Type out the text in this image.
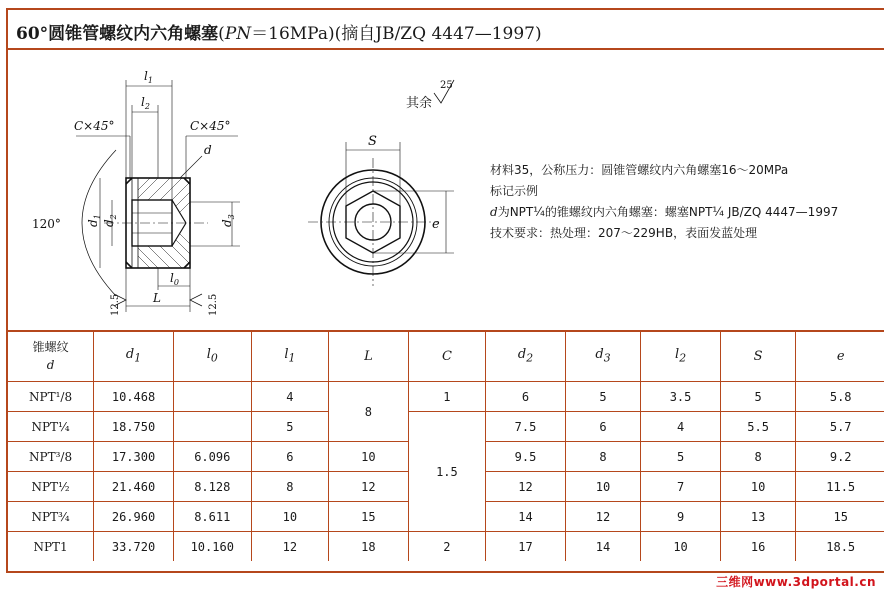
60°圆锥管螺纹内六角螺塞(PN＝16MPa)(摘自JB/ZQ 4447—1997)
$l_1$
$l_2$
C×45°	C×45°
d
120° $d_1$
$d_2$
$d_3$
$l_0$
L
12.5	12.5
S
e
25
其余
材料35，公称压力：圆锥管螺纹内六角螺塞16～20MPa
标记示例
d为NPT¼的锥螺纹内六角螺塞：螺塞NPT¼ JB/ZQ 4447—1997
技术要求：热处理：207～229HB，表面发蓝处理
锥螺纹
d	$d_1$	$l_0$	$l_1$	L	C	$d_2$	$d_3$	$l_2$	S	e
NPT¹/8	10.468		4	8	1	6	5	3.5	5	5.8
NPT¼	18.750		5		1.5	7.5	6	4	5.5	5.7
NPT³/8	17.300	6.096	6	10		9.5	8	5	8	9.2
NPT½	21.460	8.128	8	12		12	10	7	10	11.5
NPT¾	26.960	8.611	10	15		14	12	9	13	15
NPT1	33.720	10.160	12	18	2	17	14	10	16	18.5
三维网www.3dportal.cn
